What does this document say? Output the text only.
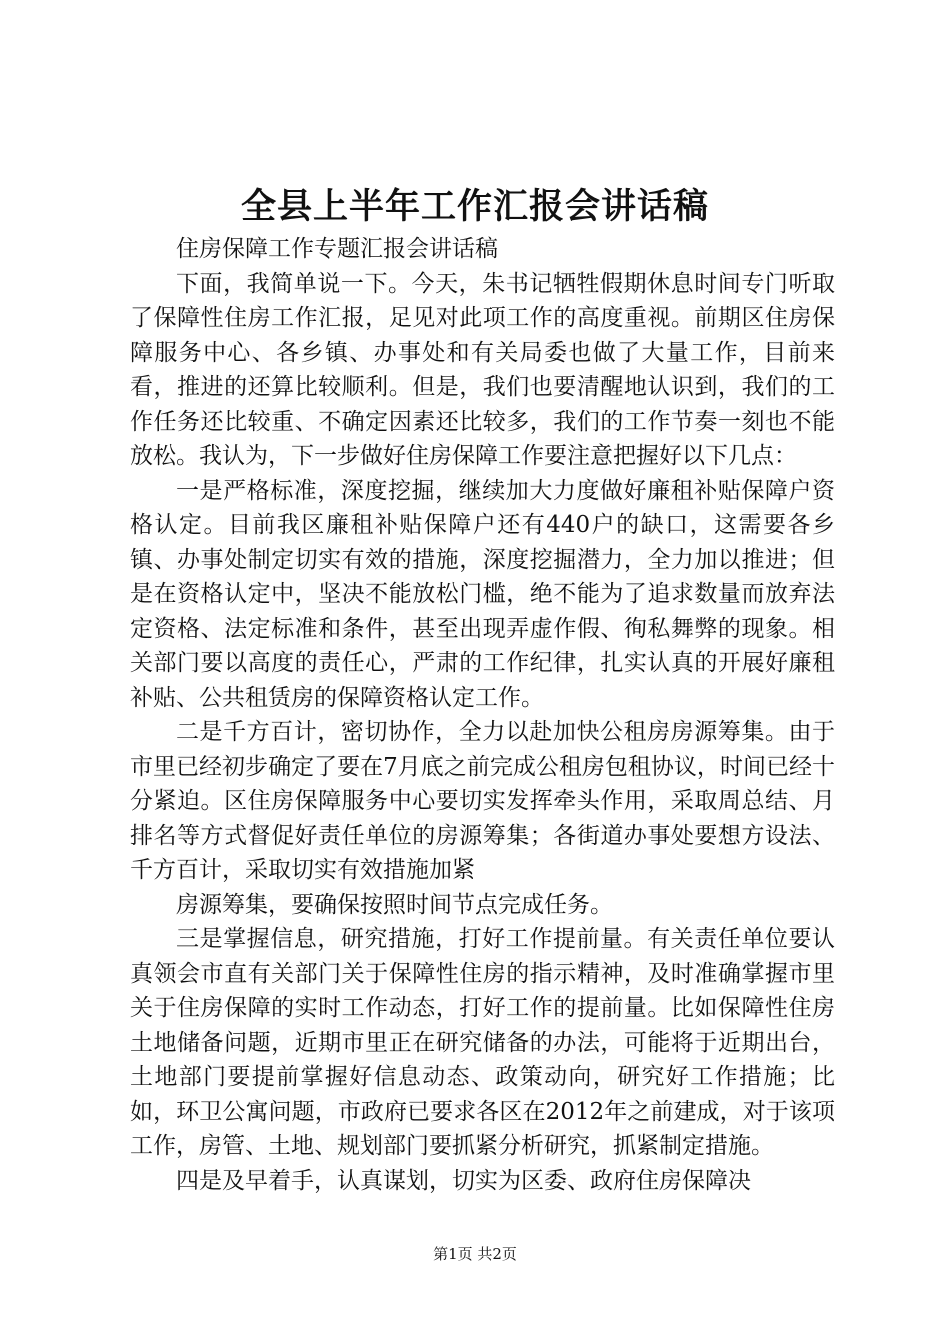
全县上半年工作汇报会讲话稿

住房保障工作专题汇报会讲话稿

下面，我简单说一下。今天，朱书记牺牲假期休息时间专门听取了保障性住房工作汇报，足见对此项工作的高度重视。前期区住房保障服务中心、各乡镇、办事处和有关局委也做了大量工作，目前来看，推进的还算比较顺利。但是，我们也要清醒地认识到，我们的工作任务还比较重、不确定因素还比较多，我们的工作节奏一刻也不能放松。我认为，下一步做好住房保障工作要注意把握好以下几点：

一是严格标准，深度挖掘，继续加大力度做好廉租补贴保障户资格认定。目前我区廉租补贴保障户还有440户的缺口，这需要各乡镇、办事处制定切实有效的措施，深度挖掘潜力，全力加以推进；但是在资格认定中，坚决不能放松门槛，绝不能为了追求数量而放弃法定资格、法定标准和条件，甚至出现弄虚作假、徇私舞弊的现象。相关部门要以高度的责任心，严肃的工作纪律，扎实认真的开展好廉租补贴、公共租赁房的保障资格认定工作。

二是千方百计，密切协作，全力以赴加快公租房房源筹集。由于市里已经初步确定了要在7月底之前完成公租房包租协议，时间已经十分紧迫。区住房保障服务中心要切实发挥牵头作用，采取周总结、月排名等方式督促好责任单位的房源筹集；各街道办事处要想方设法、千方百计，采取切实有效措施加紧

房源筹集，要确保按照时间节点完成任务。

三是掌握信息，研究措施，打好工作提前量。有关责任单位要认真领会市直有关部门关于保障性住房的指示精神，及时准确掌握市里关于住房保障的实时工作动态，打好工作的提前量。比如保障性住房土地储备问题，近期市里正在研究储备的办法，可能将于近期出台，土地部门要提前掌握好信息动态、政策动向，研究好工作措施；比如，环卫公寓问题，市政府已要求各区在2012年之前建成，对于该项工作，房管、土地、规划部门要抓紧分析研究，抓紧制定措施。

四是及早着手，认真谋划，切实为区委、政府住房保障决

第1页 共2页
